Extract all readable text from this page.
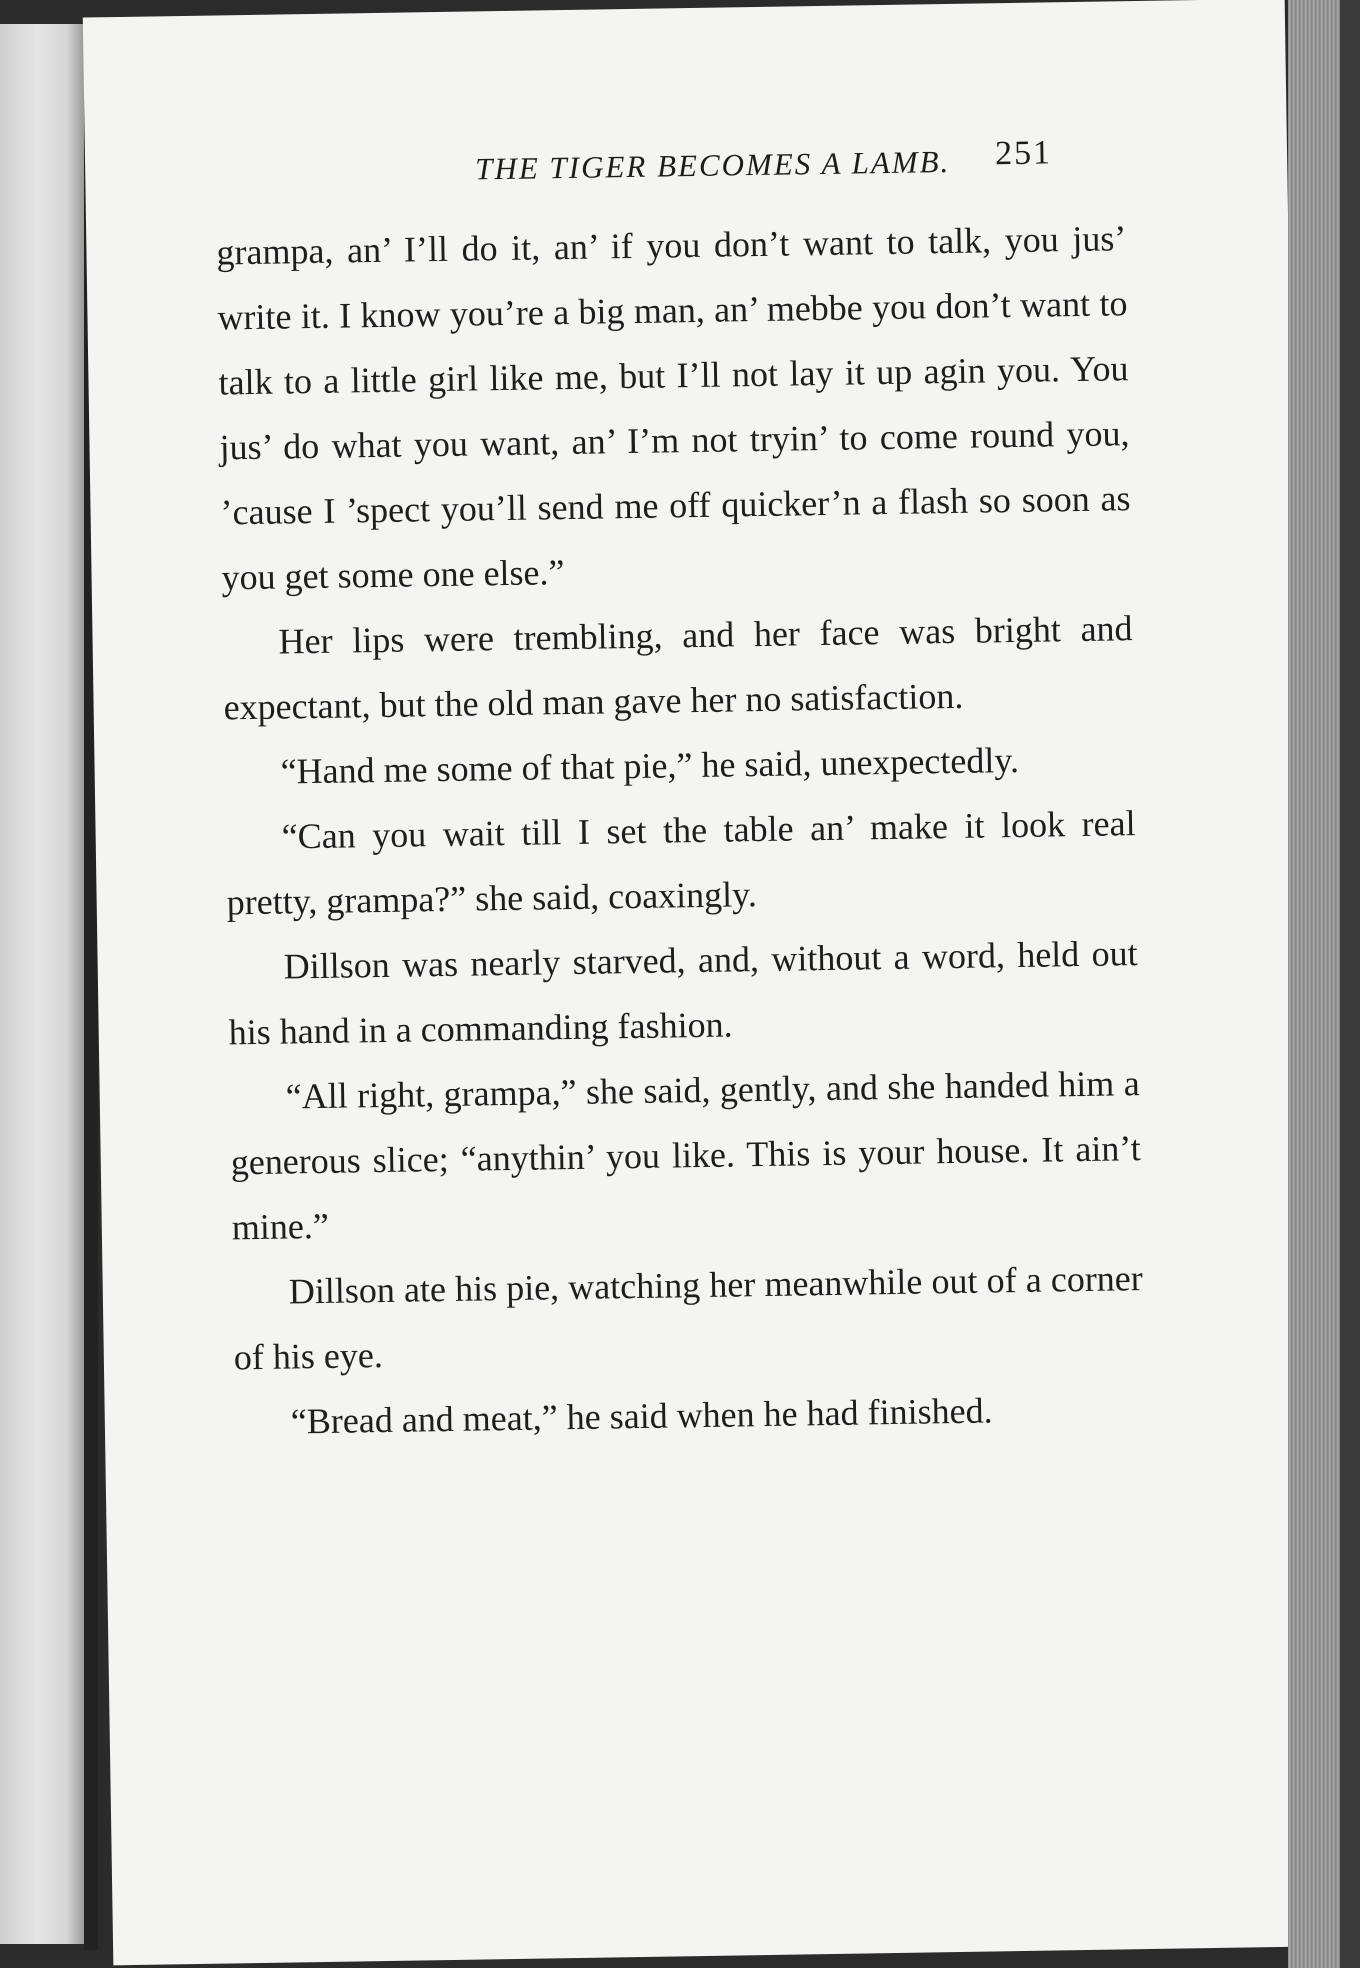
THE TIGER BECOMES A LAMB. 251

grampa, an’ I’ll do it, an’ if you don’t want to talk, you jus’ write it. I know you’re a big man, an’ mebbe you don’t want to talk to a little girl like me, but I’ll not lay it up agin you. You jus’ do what you want, an’ I’m not tryin’ to come round you, ’cause I ’spect you’ll send me off quicker’n a flash so soon as you get some one else.”

Her lips were trembling, and her face was bright and expectant, but the old man gave her no satisfaction.

“Hand me some of that pie,” he said, unexpectedly.

“Can you wait till I set the table an’ make it look real pretty, grampa?” she said, coaxingly.

Dillson was nearly starved, and, without a word, held out his hand in a commanding fashion.

“All right, grampa,” she said, gently, and she handed him a generous slice; “anythin’ you like. This is your house. It ain’t mine.”

Dillson ate his pie, watching her meanwhile out of a corner of his eye.

“Bread and meat,” he said when he had finished.
